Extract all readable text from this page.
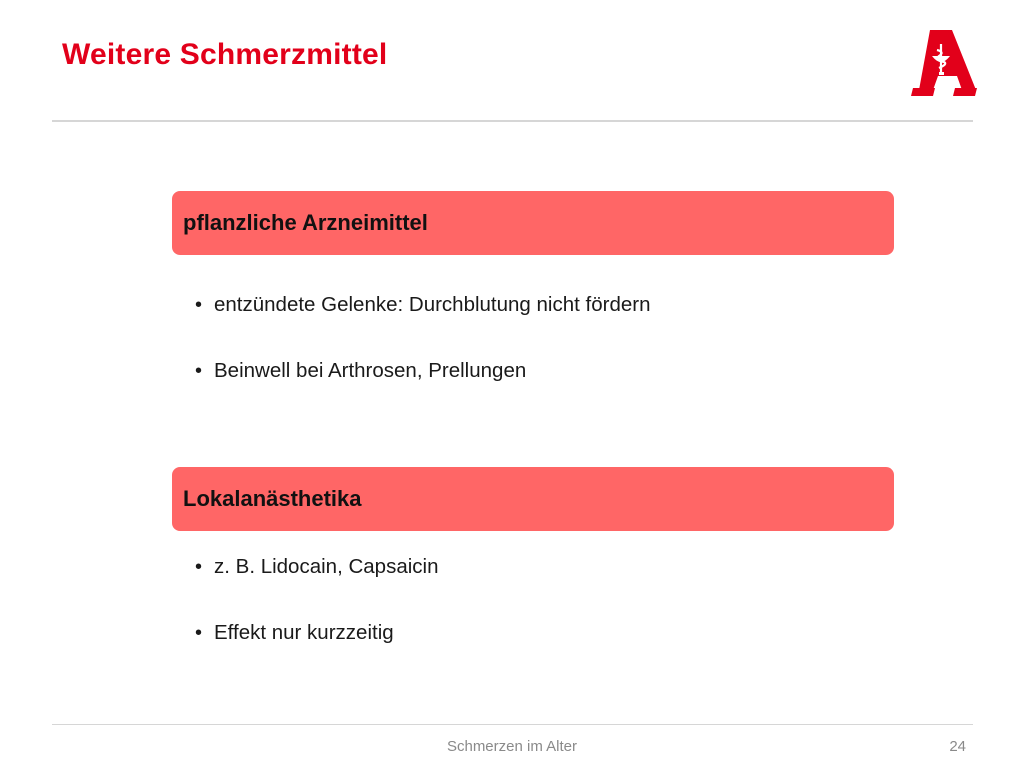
Weitere Schmerzmittel
pflanzliche Arzneimittel
• entzündete Gelenke: Durchblutung nicht fördern
• Beinwell bei Arthrosen, Prellungen
Lokalanästhetika
• z. B. Lidocain, Capsaicin
• Effekt nur kurzzeitig
Schmerzen im Alter	24
